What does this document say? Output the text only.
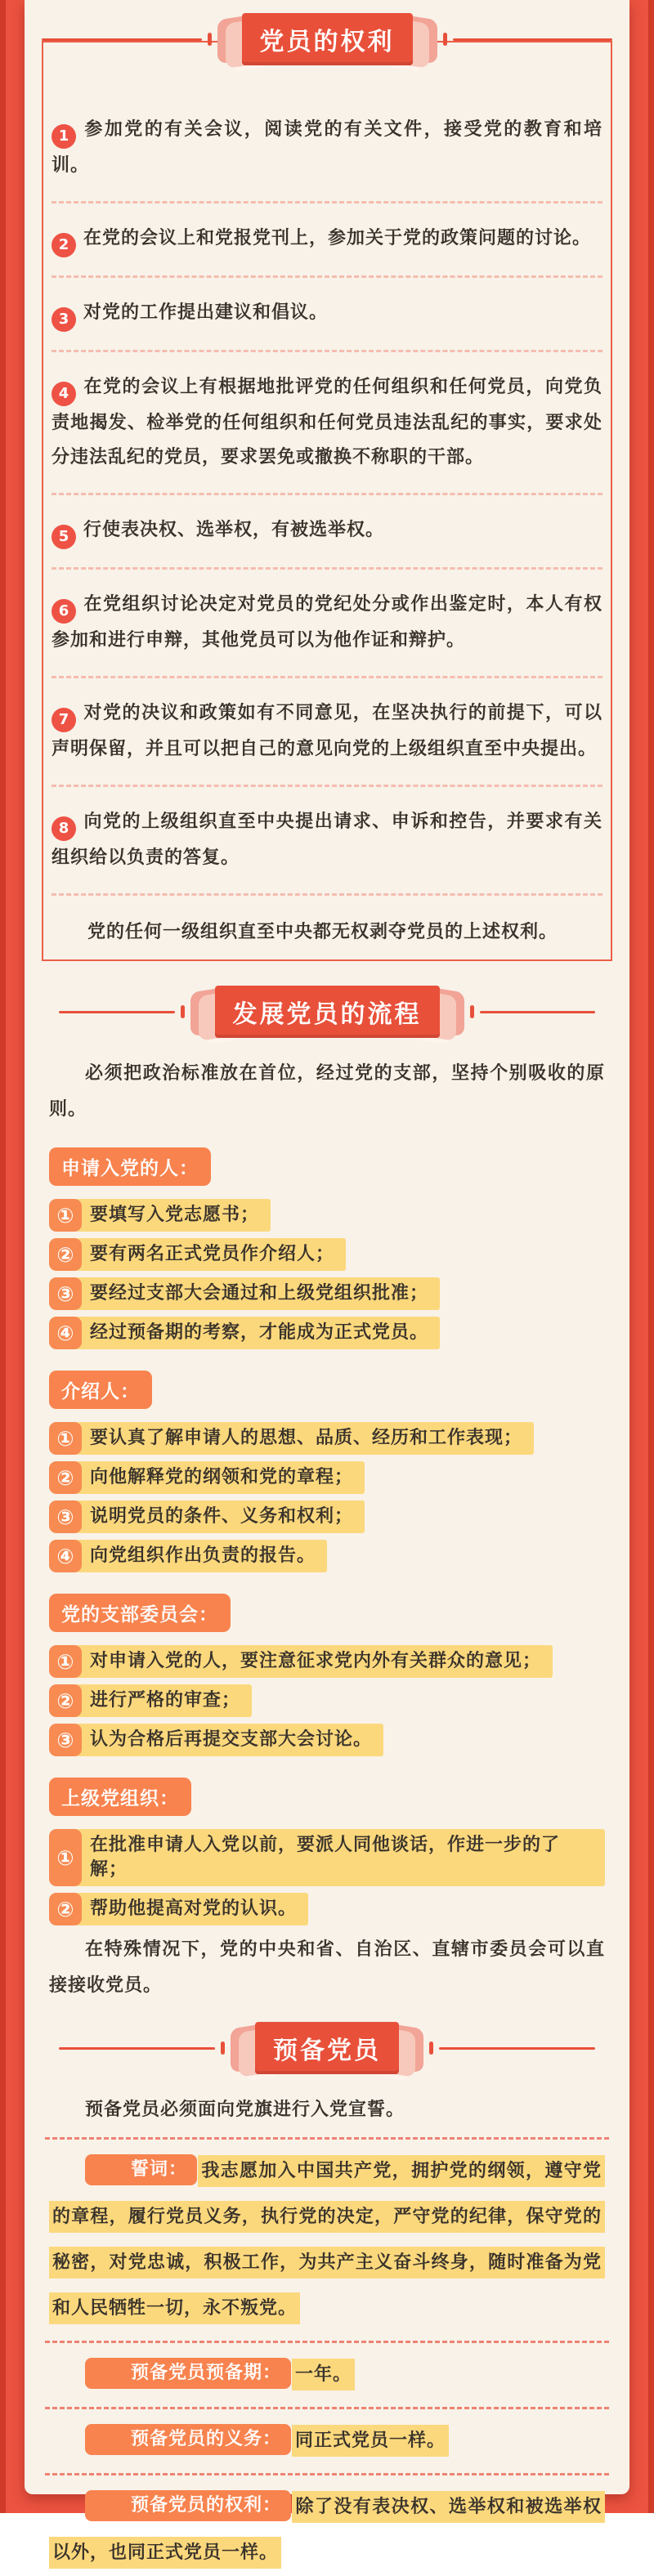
党员的权利

1 参加党的有关会议，阅读党的有关文件，接受党的教育和培训。

2 在党的会议上和党报党刊上，参加关于党的政策问题的讨论。

3 对党的工作提出建议和倡议。

4 在党的会议上有根据地批评党的任何组织和任何党员，向党负责地揭发、检举党的任何组织和任何党员违法乱纪的事实，要求处分违法乱纪的党员，要求罢免或撤换不称职的干部。

5 行使表决权、选举权，有被选举权。

6 在党组织讨论决定对党员的党纪处分或作出鉴定时，本人有权参加和进行申辩，其他党员可以为他作证和辩护。

7 对党的决议和政策如有不同意见，在坚决执行的前提下，可以声明保留，并且可以把自己的意见向党的上级组织直至中央提出。

8 向党的上级组织直至中央提出请求、申诉和控告，并要求有关组织给以负责的答复。

党的任何一级组织直至中央都无权剥夺党员的上述权利。

发展党员的流程

必须把政治标准放在首位，经过党的支部，坚持个别吸收的原则。

申请入党的人：
① 要填写入党志愿书；
② 要有两名正式党员作介绍人；
③ 要经过支部大会通过和上级党组织批准；
④ 经过预备期的考察，才能成为正式党员。
介绍人：
① 要认真了解申请人的思想、品质、经历和工作表现；
② 向他解释党的纲领和党的章程；
③ 说明党员的条件、义务和权利；
④ 向党组织作出负责的报告。
党的支部委员会：
① 对申请入党的人，要注意征求党内外有关群众的意见；
② 进行严格的审查；
③ 认为合格后再提交支部大会讨论。
上级党组织：
①
在批准申请人入党以前，要派人同他谈话，作进一步的了解；
② 帮助他提高对党的认识。

在特殊情况下，党的中央和省、自治区、直辖市委员会可以直接接收党员。

预备党员

预备党员必须面向党旗进行入党宣誓。

誓词： 我志愿加入中国共产党，拥护党的纲领，遵守党的章程，履行党员义务，执行党的决定，严守党的纪律，保守党的秘密，对党忠诚，积极工作，为共产主义奋斗终身，随时准备为党和人民牺牲一切，永不叛党。

预备党员预备期： 一年。

预备党员的义务： 同正式党员一样。

预备党员的权利： 除了没有表决权、选举权和被选举权以外，也同正式党员一样。
